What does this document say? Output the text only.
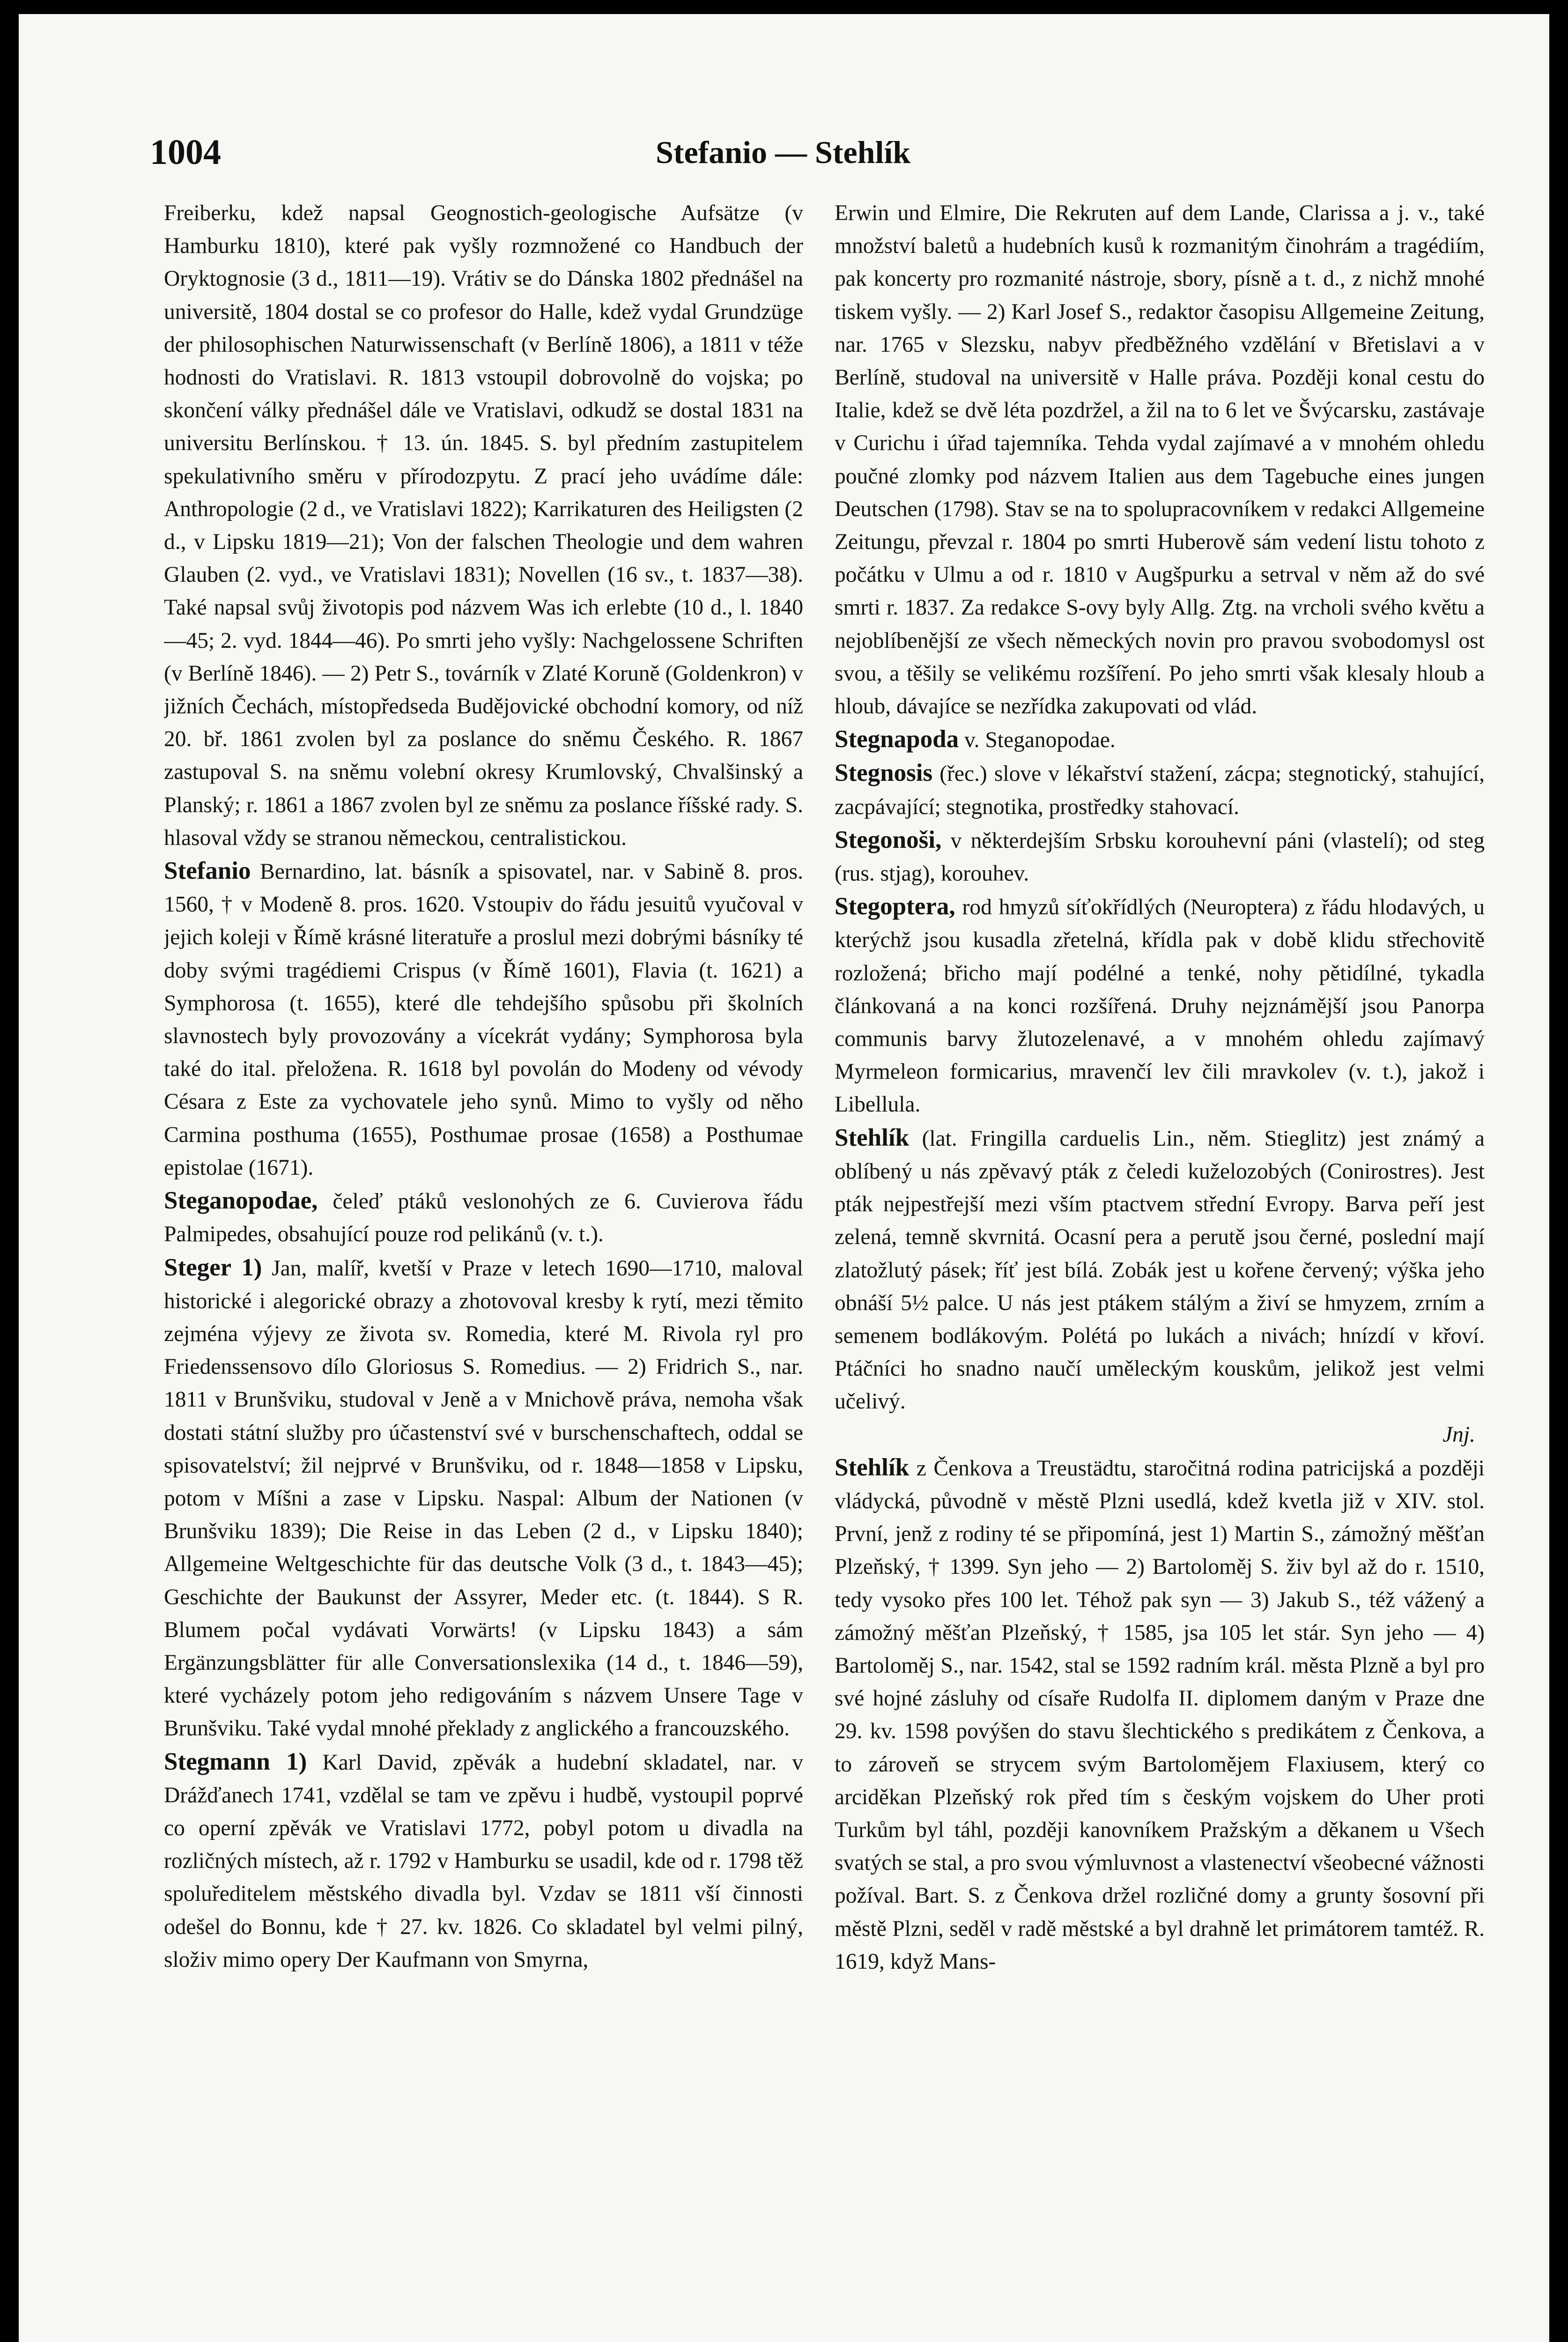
1004	Stefanio — Stehlík

Freiberku, kdež napsal Geognostich-geologische Aufsätze (v Hamburku 1810), které pak vyšly rozmnožené co Handbuch der Oryktognosie (3 d., 1811—19). Vrátiv se do Dánska 1802 přednášel na universitě, 1804 dostal se co profesor do Halle, kdež vydal Grundzüge der philosophischen Naturwissenschaft (v Berlíně 1806), a 1811 v téže hodnosti do Vratislavi. R. 1813 vstoupil dobrovolně do vojska; po skončení války přednášel dále ve Vratislavi, odkudž se dostal 1831 na universitu Berlínskou. † 13. ún. 1845. S. byl předním zastupitelem spekulativního směru v přírodozpytu. Z prací jeho uvádíme dále: Anthropologie (2 d., ve Vratislavi 1822); Karrikaturen des Heiligsten (2 d., v Lipsku 1819—21); Von der falschen Theologie und dem wahren Glauben (2. vyd., ve Vratislavi 1831); Novellen (16 sv., t. 1837—38). Také napsal svůj životopis pod názvem Was ich erlebte (10 d., l. 1840—45; 2. vyd. 1844—46). Po smrti jeho vyšly: Nachgelossene Schriften (v Berlíně 1846). — 2) Petr S., továrník v Zlaté Koruně (Goldenkron) v jižních Čechách, místopředseda Budějovické obchodní komory, od níž 20. bř. 1861 zvolen byl za poslance do sněmu Českého. R. 1867 zastupoval S. na sněmu volební okresy Krumlovský, Chvalšinský a Planský; r. 1861 a 1867 zvolen byl ze sněmu za poslance říšské rady. S. hlasoval vždy se stranou německou, centralistickou.

Stefanio Bernardino, lat. básník a spisovatel, nar. v Sabině 8. pros. 1560, † v Modeně 8. pros. 1620. Vstoupiv do řádu jesuitů vyučoval v jejich koleji v Římě krásné literatuře a proslul mezi dobrými básníky té doby svými tragédiemi Crispus (v Římě 1601), Flavia (t. 1621) a Symphorosa (t. 1655), které dle tehdejšího spůsobu při školních slavnostech byly provozovány a vícekrát vydány; Symphorosa byla také do ital. přeložena. R. 1618 byl povolán do Modeny od vévody Césara z Este za vychovatele jeho synů. Mimo to vyšly od něho Carmina posthuma (1655), Posthumae prosae (1658) a Posthumae epistolae (1671).

Steganopodae, čeleď ptáků veslonohých ze 6. Cuvierova řádu Palmipedes, obsahující pouze rod pelikánů (v. t.).

Steger 1) Jan, malíř, kvetší v Praze v letech 1690—1710, maloval historické i alegorické obrazy a zhotovoval kresby k rytí, mezi těmito zejména výjevy ze života sv. Romedia, které M. Rivola ryl pro Friedenssensovo dílo Gloriosus S. Romedius. — 2) Fridrich S., nar. 1811 v Brunšviku, studoval v Jeně a v Mnichově práva, nemoha však dostati státní služby pro účastenství své v burschenschaftech, oddal se spisovatelství; žil nejprvé v Brunšviku, od r. 1848—1858 v Lipsku, potom v Míšni a zase v Lipsku. Naspal: Album der Nationen (v Brunšviku 1839); Die Reise in das Leben (2 d., v Lipsku 1840); Allgemeine Weltgeschichte für das deutsche Volk (3 d., t. 1843—45); Geschichte der Baukunst der Assyrer, Meder etc. (t. 1844). S R. Blumem počal vydávati Vorwärts! (v Lipsku 1843) a sám Ergänzungsblätter für alle Conversationslexika (14 d., t. 1846—59), které vycházely potom jeho redigováním s názvem Unsere Tage v Brunšviku. Také vydal mnohé překlady z anglického a francouzského.

Stegmann 1) Karl David, zpěvák a hudební skladatel, nar. v Drážďanech 1741, vzdělal se tam ve zpěvu i hudbě, vystoupil poprvé co operní zpěvák ve Vratislavi 1772, pobyl potom u divadla na rozličných místech, až r. 1792 v Hamburku se usadil, kde od r. 1798 těž spoluředitelem městského divadla byl. Vzdav se 1811 vší činnosti odešel do Bonnu, kde † 27. kv. 1826. Co skladatel byl velmi pilný, složiv mimo opery Der Kaufmann von Smyrna,

Erwin und Elmire, Die Rekruten auf dem Lande, Clarissa a j. v., také množství baletů a hudebních kusů k rozmanitým činohrám a tragédiím, pak koncerty pro rozmanité nástroje, sbory, písně a t. d., z nichž mnohé tiskem vyšly. — 2) Karl Josef S., redaktor časopisu Allgemeine Zeitung, nar. 1765 v Slezsku, nabyv předběžného vzdělání v Břetislavi a v Berlíně, studoval na universitě v Halle práva. Později konal cestu do Italie, kdež se dvě léta pozdržel, a žil na to 6 let ve Švýcarsku, zastávaje v Curichu i úřad tajemníka. Tehda vydal zajímavé a v mnohém ohledu poučné zlomky pod názvem Italien aus dem Tagebuche eines jungen Deutschen (1798). Stav se na to spolupracovníkem v redakci Allgemeine Zeitungu, převzal r. 1804 po smrti Huberově sám vedení listu tohoto z počátku v Ulmu a od r. 1810 v Augšpurku a setrval v něm až do své smrti r. 1837. Za redakce S-ovy byly Allg. Ztg. na vrcholi svého květu a nejoblíbenější ze všech německých novin pro pravou svobodomysl ost svou, a těšily se velikému rozšíření. Po jeho smrti však klesaly hloub a hloub, dávajíce se nezřídka zakupovati od vlád.

Stegnapoda v. Steganopodae.

Stegnosis (řec.) slove v lékařství stažení, zácpa; stegnotický, stahující, zacpávající; stegnotika, prostředky stahovací.

Stegonoši, v některdejším Srbsku korouhevní páni (vlastelí); od steg (rus. stjag), korouhev.

Stegoptera, rod hmyzů síťokřídlých (Neuroptera) z řádu hlodavých, u kterýchž jsou kusadla zřetelná, křídla pak v době klidu střechovitě rozložená; břicho mají podélné a tenké, nohy pětidílné, tykadla článkovaná a na konci rozšířená. Druhy nejznámější jsou Panorpa communis barvy žlutozelenavé, a v mnohém ohledu zajímavý Myrmeleon formicarius, mravenčí lev čili mravkolev (v. t.), jakož i Libellula.

Stehlík (lat. Fringilla carduelis Lin., něm. Stieglitz) jest známý a oblíbený u nás zpěvavý pták z čeledi kuželozobých (Conirostres). Jest pták nejpestřejší mezi vším ptactvem střední Evropy. Barva peří jest zelená, temně skvrnitá. Ocasní pera a perutě jsou černé, poslední mají zlatožlutý pásek; říť jest bílá. Zobák jest u kořene červený; výška jeho obnáší 5½ palce. U nás jest ptákem stálým a živí se hmyzem, zrním a semenem bodlákovým. Polétá po lukách a nivách; hnízdí v křoví. Ptáčníci ho snadno naučí uměleckým kouskům, jelikož jest velmi učelivý.

Jnj.

Stehlík z Čenkova a Treustädtu, staročitná rodina patricijská a později vládycká, původně v městě Plzni usedlá, kdež kvetla již v XIV. stol. První, jenž z rodiny té se připomíná, jest 1) Martin S., zámožný měšťan Plzeňský, † 1399. Syn jeho — 2) Bartoloměj S. živ byl až do r. 1510, tedy vysoko přes 100 let. Téhož pak syn — 3) Jakub S., též vážený a zámožný měšťan Plzeňský, † 1585, jsa 105 let stár. Syn jeho — 4) Bartoloměj S., nar. 1542, stal se 1592 radním král. města Plzně a byl pro své hojné zásluhy od císaře Rudolfa II. diplomem daným v Praze dne 29. kv. 1598 povýšen do stavu šlechtického s predikátem z Čenkova, a to zároveň se strycem svým Bartolomějem Flaxiusem, který co arciděkan Plzeňský rok před tím s českým vojskem do Uher proti Turkům byl táhl, později kanovníkem Pražským a děkanem u Všech svatých se stal, a pro svou výmluvnost a vlastenectví všeobecné vážnosti požíval. Bart. S. z Čenkova držel rozličné domy a grunty šosovní při městě Plzni, seděl v radě městské a byl drahně let primátorem tamtéž. R. 1619, když Mans-
